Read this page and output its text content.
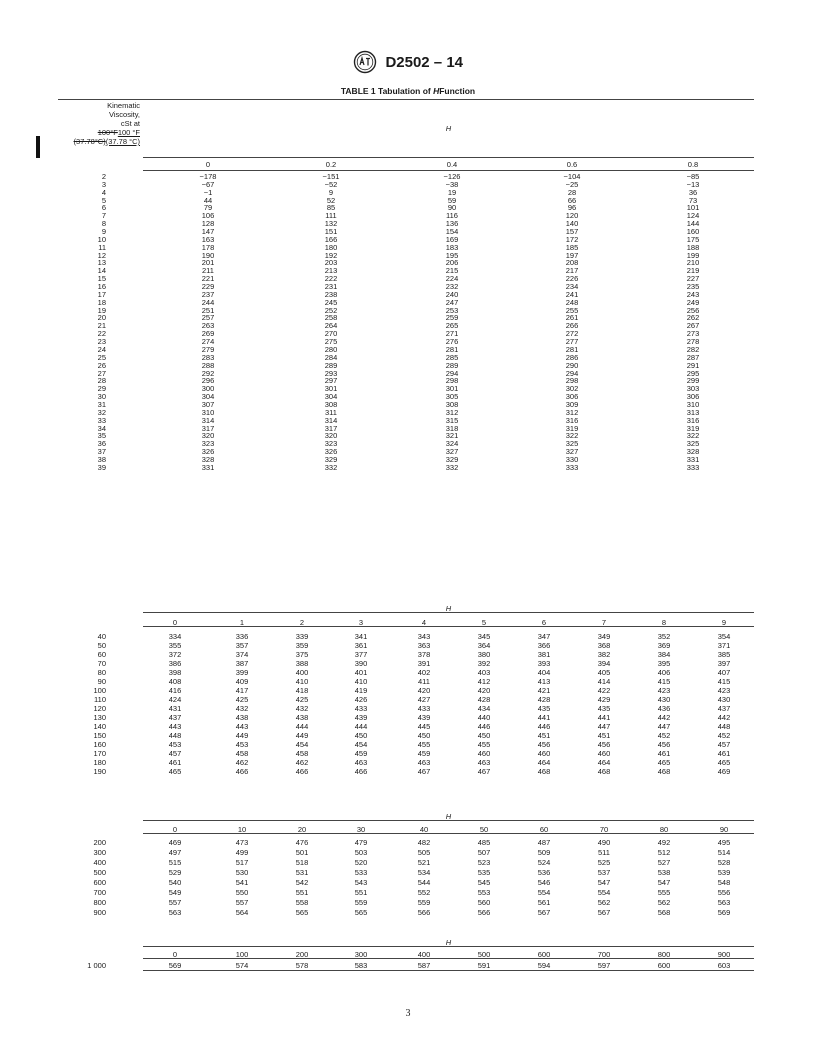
D2502 – 14
TABLE 1 Tabulation of HFunction
Kinematic
Viscosity,
cSt at
100°F100 °F
(37.78°C)(37.78 °C)
H
0	0.2	0.4	0.6	0.8
2	−178	−151	−126	−104	−85
3	−67	−52	−38	−25	−13
4	−1	9	19	28	36
5	44	52	59	66	73
6	79	85	90	96	101
7	106	111	116	120	124
8	128	132	136	140	144
9	147	151	154	157	160
10	163	166	169	172	175
11	178	180	183	185	188
12	190	192	195	197	199
13	201	203	206	208	210
14	211	213	215	217	219
15	221	222	224	226	227
16	229	231	232	234	235
17	237	238	240	241	243
18	244	245	247	248	249
19	251	252	253	255	256
20	257	258	259	261	262
21	263	264	265	266	267
22	269	270	271	272	273
23	274	275	276	277	278
24	279	280	281	281	282
25	283	284	285	286	287
26	288	289	289	290	291
27	292	293	294	294	295
28	296	297	298	298	299
29	300	301	301	302	303
30	304	304	305	306	306
31	307	308	308	309	310
32	310	311	312	312	313
33	314	314	315	316	316
34	317	317	318	319	319
35	320	320	321	322	322
36	323	323	324	325	325
37	326	326	327	327	328
38	328	329	329	330	331
39	331	332	332	333	333
H
0	1	2	3	4	5	6	7	8	9
40	334	336	339	341	343	345	347	349	352	354
50	355	357	359	361	363	364	366	368	369	371
60	372	374	375	377	378	380	381	382	384	385
70	386	387	388	390	391	392	393	394	395	397
80	398	399	400	401	402	403	404	405	406	407
90	408	409	410	410	411	412	413	414	415	415
100	416	417	418	419	420	420	421	422	423	423
110	424	425	425	426	427	428	428	429	430	430
120	431	432	432	433	433	434	435	435	436	437
130	437	438	438	439	439	440	441	441	442	442
140	443	443	444	444	445	446	446	447	447	448
150	448	449	449	450	450	450	451	451	452	452
160	453	453	454	454	455	455	456	456	456	457
170	457	458	458	459	459	460	460	460	461	461
180	461	462	462	463	463	463	464	464	465	465
190	465	466	466	466	467	467	468	468	468	469
H
0	10	20	30	40	50	60	70	80	90
200	469	473	476	479	482	485	487	490	492	495
300	497	499	501	503	505	507	509	511	512	514
400	515	517	518	520	521	523	524	525	527	528
500	529	530	531	533	534	535	536	537	538	539
600	540	541	542	543	544	545	546	547	547	548
700	549	550	551	551	552	553	554	554	555	556
800	557	557	558	559	559	560	561	562	562	563
900	563	564	565	565	566	566	567	567	568	569
H
0	100	200	300	400	500	600	700	800	900
1 000	569	574	578	583	587	591	594	597	600	603
3
